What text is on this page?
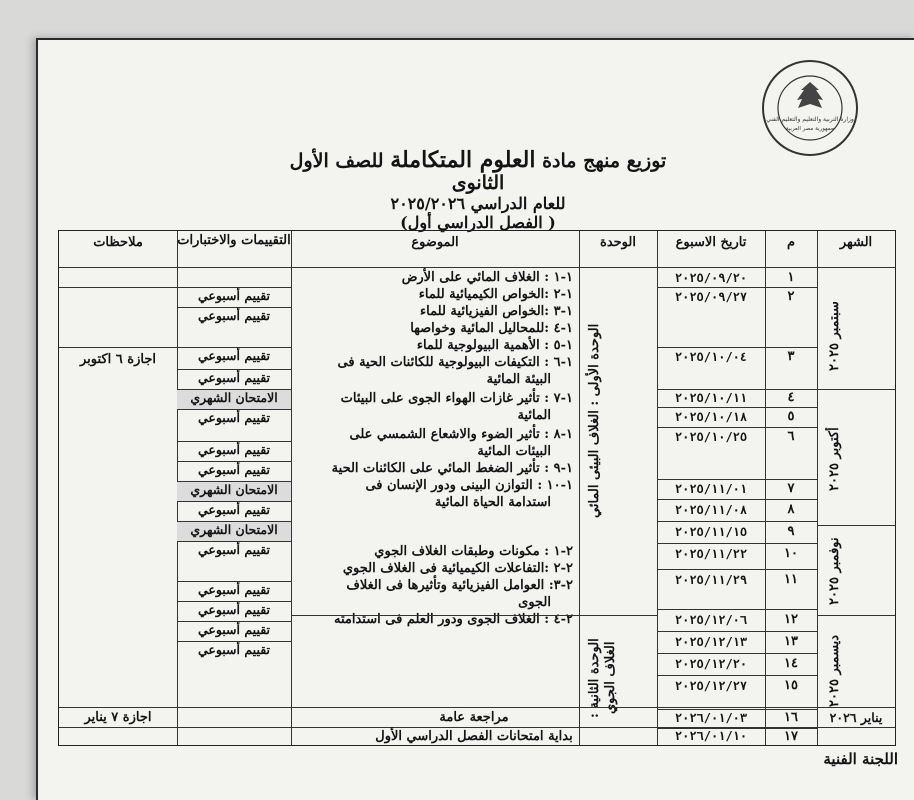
وزارة التربية والتعليم والتعليم الفني
جمهورية مصر العربية
توزيع منهج مادة العلوم المتكاملة للصف الأول الثانوى
للعام الدراسي ٢٠٢٥/٢٠٢٦
( الفصل الدراسي أول)
الشهر
م
تاريخ الاسبوع
الوحدة
الموضوع
التقييمات والاختبارات
ملاحظات
١
٢٠٢٥/٠٩/٢٠
٢
٢٠٢٥/٠٩/٢٧
٣
٢٠٢٥/١٠/٠٤
٤
٢٠٢٥/١٠/١١
٥
٢٠٢٥/١٠/١٨
٦
٢٠٢٥/١٠/٢٥
٧
٢٠٢٥/١١/٠١
٨
٢٠٢٥/١١/٠٨
٩
٢٠٢٥/١١/١٥
١٠
٢٠٢٥/١١/٢٢
١١
٢٠٢٥/١١/٢٩
١٢
٢٠٢٥/١٢/٠٦
١٣
٢٠٢٥/١٢/١٣
١٤
٢٠٢٥/١٢/٢٠
١٥
٢٠٢٥/١٢/٢٧
١٦
٢٠٢٦/٠١/٠٣
١٧
٢٠٢٦/٠١/١٠
تقييم أسبوعي
تقييم أسبوعي
تقييم أسبوعي
تقييم أسبوعي
الامتحان الشهري
تقييم أسبوعي
تقييم أسبوعي
تقييم أسبوعي
الامتحان الشهري
تقييم أسبوعي
الامتحان الشهري
تقييم أسبوعي
تقييم أسبوعي
تقييم أسبوعي
تقييم أسبوعي
تقييم أسبوعي
سبتمبر ٢٠٢٥
أكتوبر ٢٠٢٥
نوفمبر ٢٠٢٥
ديسمبر ٢٠٢٥
يناير ٢٠٢٦
الوحدة الأولى : الغلاف البيئى المائي
الوحدة الثانية : الغلاف الجوي
١-١ : الغلاف المائي على الأرض
١-٢ :الخواص الكيميائية للماء
١-٣ :الخواص الفيزيائية للماء
١-٤ :للمحاليل المائية وخواصها
١-٥ : الأهمية البيولوجية للماء
١-٦ : التكيفات البيولوجية للكائنات الحية فى
البيئة المائية
١-٧ : تأثير غازات الهواء الجوى على البيئات
المائية
١-٨ : تأثير الضوء والاشعاع الشمسي على
البيئات المائية
١-٩ : تأثير الضغط المائي على الكائنات الحية
١-١٠ : التوازن البينى ودور الإنسان فى
استدامة الحياة المائية
٢-١ : مكونات وطبقات الغلاف الجوي
٢-٢ :التفاعلات الكيميائية فى الغلاف الجوي
٢-٣: العوامل الفيزيائية وتأثيرها فى الغلاف
الجوى
٢-٤ : الغلاف الجوى ودور العلم فى استدامته
مراجعة عامة
بداية امتحانات الفصل الدراسي الأول
اجازة ٦ اكتوبر
اجازة ٧ يناير
اللجنة الفنية
